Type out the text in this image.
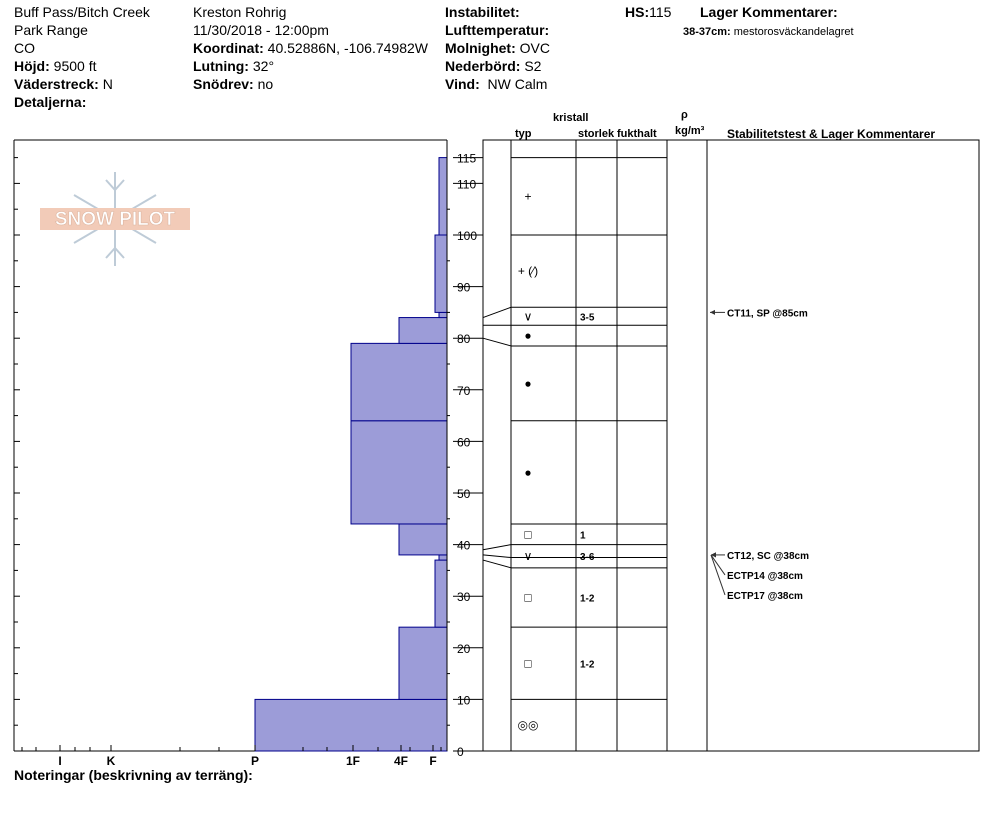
Buff Pass/Bitch Creek
Park Range
CO
Höjd: 9500 ft
Väderstreck: N
Detaljerna:
Kreston Rohrig
11/30/2018 - 12:00pm
Koordinat: 40.52886N, -106.74982W
Lutning: 32°
Snödrev: no
Instabilitet:
Lufttemperatur:
Molnighet: OVC
Nederbörd: S2
Vind: NW Calm
HS:115 Lager Kommentarer:
38-37cm: mestorosväckandelagret
kristall
typ	storlek fukthalt
ρ
kg/m³ Stabilitetstest & Lager Kommentarer
Noteringar (beskrivning av terräng):
SNOW PILOT
0
10
20
30
40
50
60
70
80
90
100
110
115
I	K	P	1F	4F F
+
+ (⁄)
∨	3-5
●
●
●
□	1
∨	3-6
□	1-2
□	1-2
◎◎
CT11, SP @85cm
CT12, SC @38cm
ECTP14 @38cm
ECTP17 @38cm
